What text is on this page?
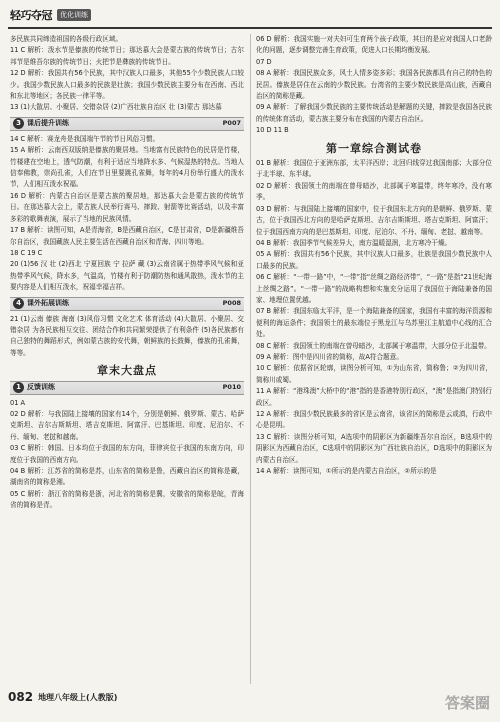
轻巧夺冠	优化训练
多民族共同缔造祖国的各级行政区域。
11 C 解析：泼水节是傣族的传统节日；那达慕大会是蒙古族的传统节日；古尔邦节是维吾尔族的传统节日；火把节是彝族的传统节日。
12 D 解析：我国共有56个民族，其中汉族人口最多，其他55个少数民族人口较少。我国少数民族人口最多的民族是壮族；我国少数民族主要分布在西南、西北和东北等地区；各民族一律平等。
13 (1)大散居、小聚居、交错杂居 (2)广西壮族自治区 壮 (3)蒙古 那达慕
3 课后提升训练	P007
14 C 解析：赛龙舟是我国端午节的节日风俗习惯。
15 A 解析：云南西双版纳是傣族的聚居地。当地富有民族特色的民居是竹楼，竹楼建在空地上，透气防潮，有利于适应当地降水多、气候湿热的特点。当地人信奉佛教，崇尚孔雀，人们在节日里要跳孔雀舞，每年的4月份举行盛大的泼水节，人们相互泼水祝福。
16 D 解析：内蒙古自治区是蒙古族的聚居地，那达慕大会是蒙古族的传统节日。在那达慕大会上，蒙古族人民举行赛马、摔跤、射箭等比赛活动，以及丰富多彩的歌舞表演，展示了当地的民族风情。
17 B 解析：读图可知，A是青海省，B是西藏自治区，C是甘肃省，D是新疆维吾尔自治区，我国藏族人民主要生活在西藏自治区和青海、四川等地。
18 C 19 C
20 (1)56 汉 壮 (2)西北 宁夏回族 宁 拉萨 藏 (3)云南省属于热带季风气候和亚热带季风气候，降水多，气温高，竹楼有利于防潮防热和通风散热，泼水节的主要内容是人们相互泼水，祝福幸福吉祥。
4 课外拓展训练	P008
21 (1)云南 傣族 海南 (3)风俗习惯 文化艺术 体育活动 (4)大散居、小聚居、交错杂居 为各民族相互交往、团结合作和共同繁荣提供了有利条件 (5)各民族都有自己独特的舞蹈形式，例如蒙古族的安代舞，朝鲜族的长鼓舞，傣族的孔雀舞，等等。
章末大盘点
1 反馈训练	P010
01 A
02 D 解析：与我国陆上接壤的国家有14个，分别是朝鲜、俄罗斯、蒙古、哈萨克斯坦、吉尔吉斯斯坦、塔吉克斯坦、阿富汗、巴基斯坦、印度、尼泊尔、不丹、缅甸、老挝和越南。
03 C 解析：韩国、日本均位于我国的东方向，菲律宾位于我国的东南方向，印度位于我国的西南方向。
04 B 解析：江苏省的简称是苏，山东省的简称是鲁，西藏自治区的简称是藏，湖南省的简称是湘。
05 C 解析：浙江省的简称是浙，河北省的简称是冀，安徽省的简称是皖，青海省的简称是青。
06 D 解析：我国实施一对夫妇可生育两个孩子政策，其目的是应对我国人口老龄化的问题，逐步调整完善生育政策，促进人口长期均衡发展。
07 D
08 A 解析：我国民族众多，风土人情多姿多彩；我国各民族都具有自己的特色的民居。傣族是居住在云南的少数民族。台湾省的主要少数民族是高山族，西藏自治区的简称是藏。
09 A 解析：了解我国少数民族的主要传统活动是解题的关键，摔跤是我国各民族的传统体育活动，蒙古族主要分布在我国的内蒙古自治区。
10 D 11 B
第一章综合测试卷
01 B 解析：我国位于亚洲东部，太平洋西岸；北回归线穿过我国南部；大部分位于北半球、东半球。
02 D 解析：我国领土的南端在曾母暗沙，北部属于寒温带，终年寒冷，没有寒季。
03 D 解析：与我国陆上接壤的国家中，位于我国东北方向的是朝鲜、俄罗斯、蒙古，位于我国西北方向的是哈萨克斯坦、吉尔吉斯斯坦、塔吉克斯坦、阿富汗；位于我国西南方向的是巴基斯坦、印度、尼泊尔、不丹、缅甸、老挝、越南等。
04 B 解析：我国季节气候差异大，南方温暖湿润，北方寒冷干燥。
05 A 解析：我国共有56个民族，其中汉族人口最多，壮族是我国少数民族中人口最多的民族。
06 C 解析：“一带一路”中，“一带”指“丝绸之路经济带”，“一路”是指“21世纪海上丝绸之路”。“一带一路”的战略构想和实施充分运用了我国位于海陆兼备的国家、地理位置优越。
07 B 解析：我国东临太平洋，是一个海陆兼备的国家，我国有丰富的海洋资源和便利的海运条件；我国领土的最东端位于黑龙江与乌苏里江主航道中心线的汇合处。
08 C 解析：我国领土的南端在曾母暗沙，北部属于寒温带，大部分位于北温带。
09 A 解析：图中是四川省的简称，故A符合题意。
10 C 解析：依据省区轮廓，读图分析可知，①为山东省，简称鲁；②为四川省，简称川或蜀。
11 A 解析：“港珠澳”大桥中的“港”指的是香港特别行政区，“澳”是指澳门特别行政区。
12 A 解析：我国少数民族最多的省区是云南省，该省区的简称是云或滇，行政中心是昆明。
13 C 解析：读图分析可知，A选项中的阴影区为新疆维吾尔自治区，B选项中的阴影区为西藏自治区，C选项中的阴影区为广西壮族自治区，D选项中的阴影区为内蒙古自治区。
14 A 解析：读图可知，①所示的是内蒙古自治区，②所示的是
082 地理八年级上(人教版)	答案圈
